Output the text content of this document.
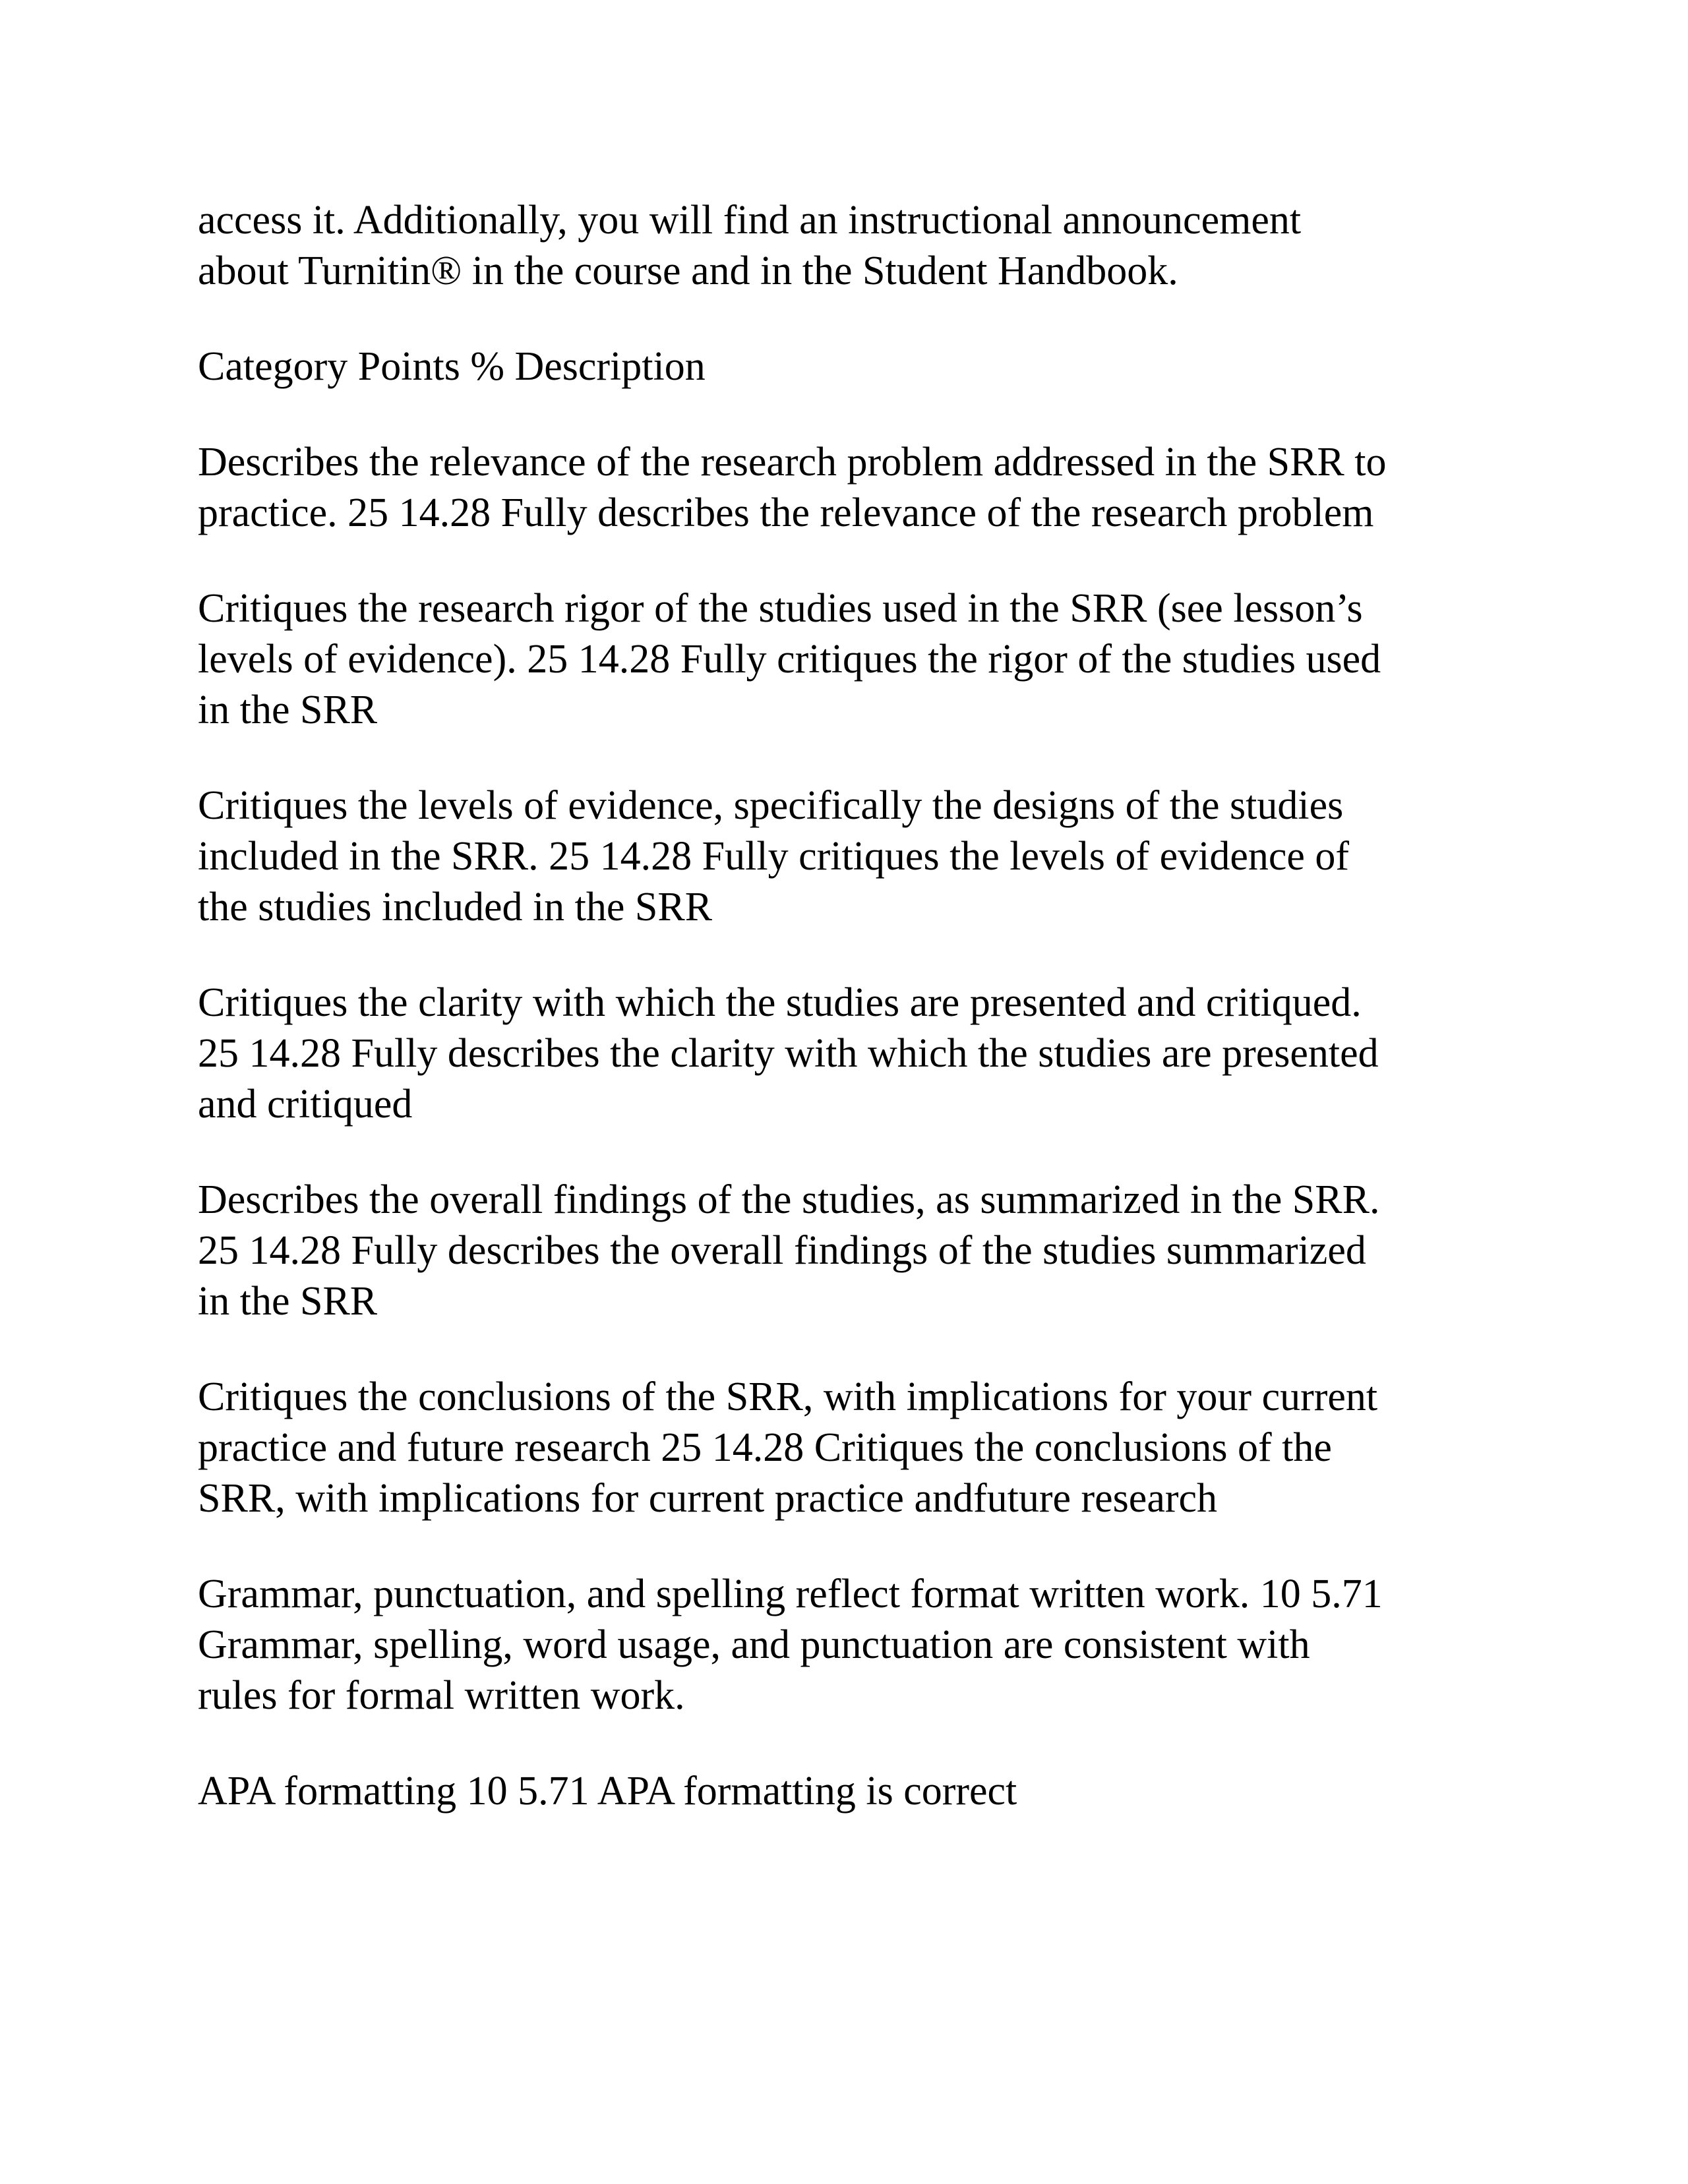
access it. Additionally, you will find an instructional announcement
about Turnitin® in the course and in the Student Handbook.

Category Points % Description

Describes the relevance of the research problem addressed in the SRR to
practice. 25 14.28 Fully describes the relevance of the research problem

Critiques the research rigor of the studies used in the SRR (see lesson’s
levels of evidence). 25 14.28 Fully critiques the rigor of the studies used
in the SRR

Critiques the levels of evidence, specifically the designs of the studies
included in the SRR. 25 14.28 Fully critiques the levels of evidence of
the studies included in the SRR

Critiques the clarity with which the studies are presented and critiqued.
25 14.28 Fully describes the clarity with which the studies are presented
and critiqued

Describes the overall findings of the studies, as summarized in the SRR.
25 14.28 Fully describes the overall findings of the studies summarized
in the SRR

Critiques the conclusions of the SRR, with implications for your current
practice and future research 25 14.28 Critiques the conclusions of the
SRR, with implications for current practice andfuture research

Grammar, punctuation, and spelling reflect format written work. 10 5.71
Grammar, spelling, word usage, and punctuation are consistent with
rules for formal written work.

APA formatting 10 5.71 APA formatting is correct
